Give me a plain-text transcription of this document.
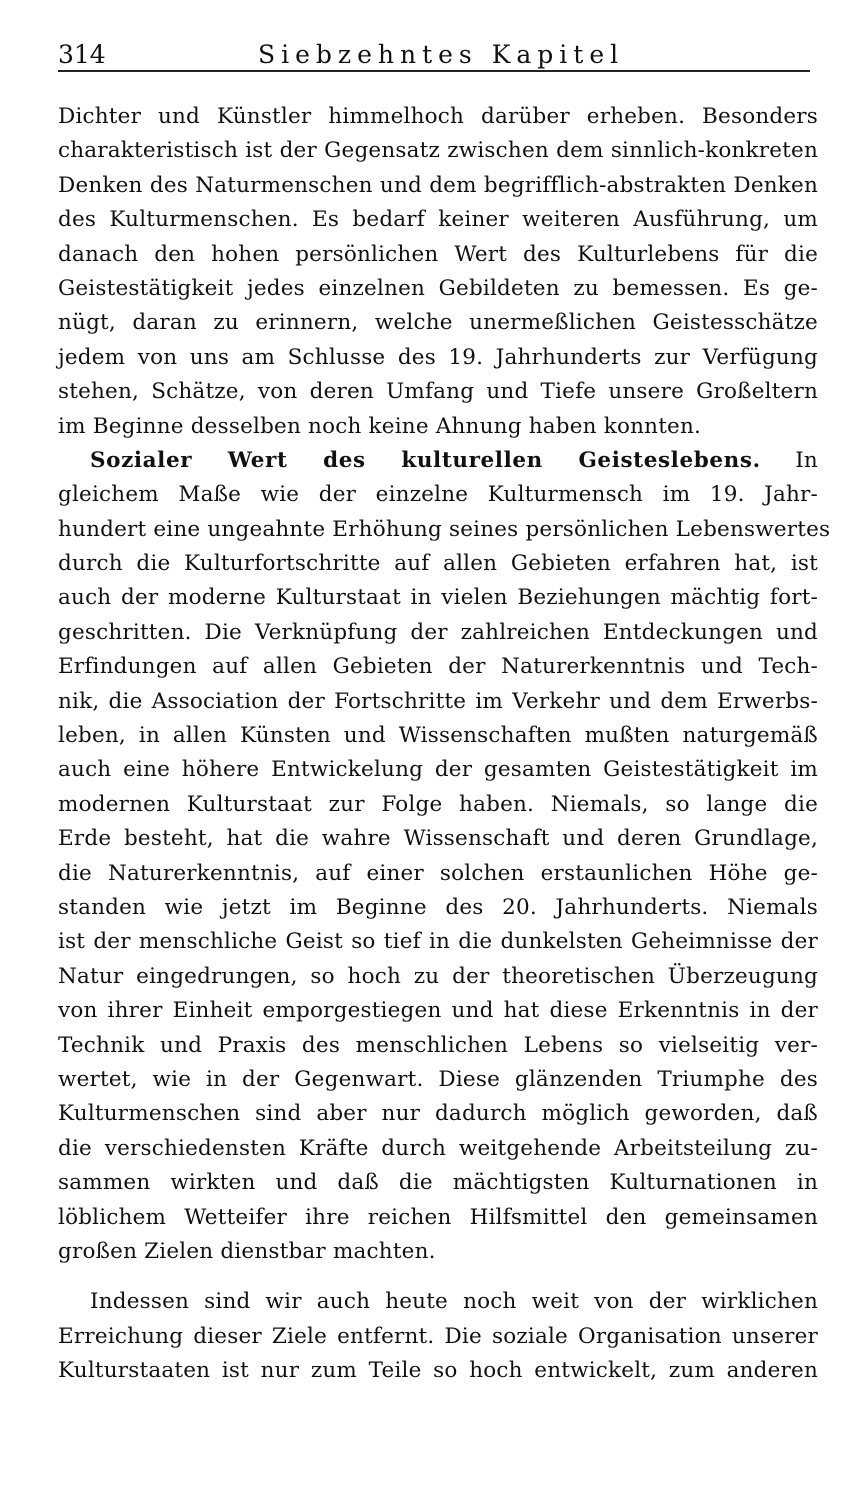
314	Siebzehntes Kapitel
Dichter und Künstler himmelhoch darüber erheben. Besonders
charakteristisch ist der Gegensatz zwischen dem sinnlich-konkreten
Denken des Naturmenschen und dem begrifflich-abstrakten Denken
des Kulturmenschen. Es bedarf keiner weiteren Ausführung, um
danach den hohen persönlichen Wert des Kulturlebens für die
Geistestätigkeit jedes einzelnen Gebildeten zu bemessen. Es ge-
nügt, daran zu erinnern, welche unermeßlichen Geistesschätze
jedem von uns am Schlusse des 19. Jahrhunderts zur Verfügung
stehen, Schätze, von deren Umfang und Tiefe unsere Großeltern
im Beginne desselben noch keine Ahnung haben konnten.
Sozialer Wert des kulturellen Geisteslebens. In
gleichem Maße wie der einzelne Kulturmensch im 19. Jahr-
hundert eine ungeahnte Erhöhung seines persönlichen Lebenswertes
durch die Kulturfortschritte auf allen Gebieten erfahren hat, ist
auch der moderne Kulturstaat in vielen Beziehungen mächtig fort-
geschritten. Die Verknüpfung der zahlreichen Entdeckungen und
Erfindungen auf allen Gebieten der Naturerkenntnis und Tech-
nik, die Association der Fortschritte im Verkehr und dem Erwerbs-
leben, in allen Künsten und Wissenschaften mußten naturgemäß
auch eine höhere Entwickelung der gesamten Geistestätigkeit im
modernen Kulturstaat zur Folge haben. Niemals, so lange die
Erde besteht, hat die wahre Wissenschaft und deren Grundlage,
die Naturerkenntnis, auf einer solchen erstaunlichen Höhe ge-
standen wie jetzt im Beginne des 20. Jahrhunderts. Niemals
ist der menschliche Geist so tief in die dunkelsten Geheimnisse der
Natur eingedrungen, so hoch zu der theoretischen Überzeugung
von ihrer Einheit emporgestiegen und hat diese Erkenntnis in der
Technik und Praxis des menschlichen Lebens so vielseitig ver-
wertet, wie in der Gegenwart. Diese glänzenden Triumphe des
Kulturmenschen sind aber nur dadurch möglich geworden, daß
die verschiedensten Kräfte durch weitgehende Arbeitsteilung zu-
sammen wirkten und daß die mächtigsten Kulturnationen in
löblichem Wetteifer ihre reichen Hilfsmittel den gemeinsamen
großen Zielen dienstbar machten.
Indessen sind wir auch heute noch weit von der wirklichen
Erreichung dieser Ziele entfernt. Die soziale Organisation unserer
Kulturstaaten ist nur zum Teile so hoch entwickelt, zum anderen
